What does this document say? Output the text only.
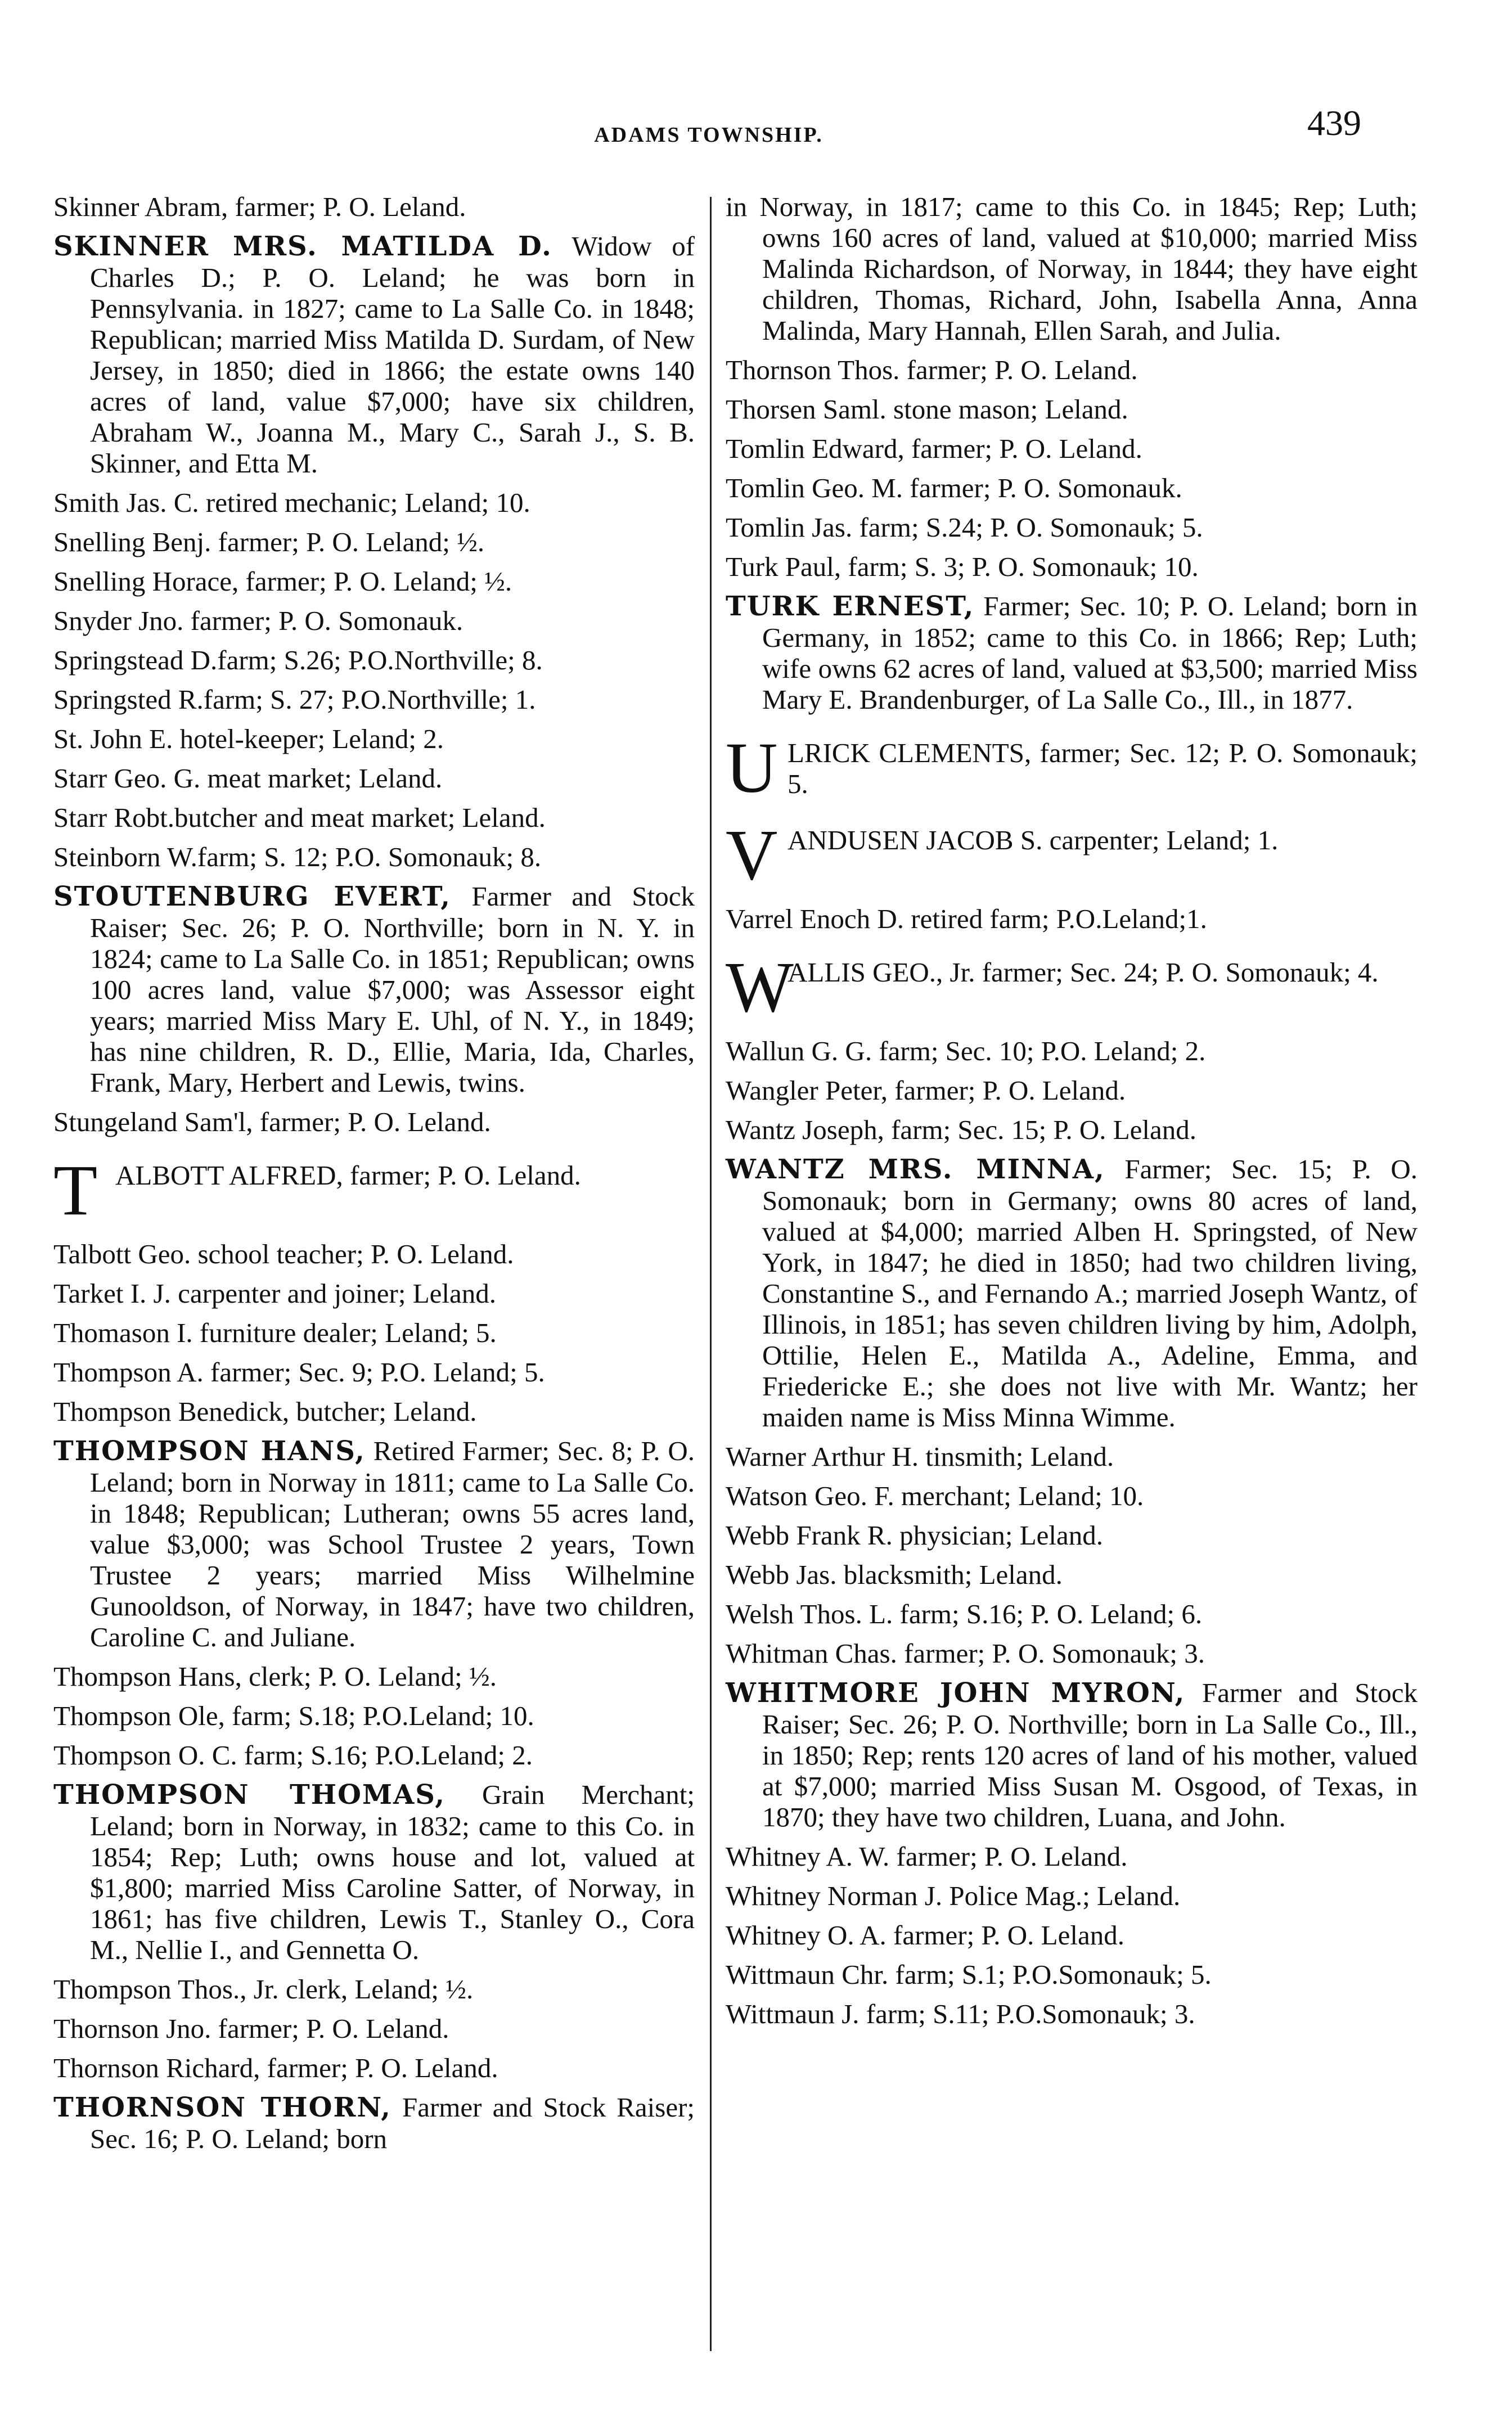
ADAMS TOWNSHIP.	439

Skinner Abram, farmer; P. O. Leland.

SKINNER MRS. MATILDA D. Widow of Charles D.; P. O. Leland; he was born in Pennsylvania. in 1827; came to La Salle Co. in 1848; Republican; married Miss Matilda D. Surdam, of New Jersey, in 1850; died in 1866; the estate owns 140 acres of land, value $7,000; have six children, Abraham W., Joanna M., Mary C., Sarah J., S. B. Skinner, and Etta M.

Smith Jas. C. retired mechanic; Leland; 10.

Snelling Benj. farmer; P. O. Leland; ½.

Snelling Horace, farmer; P. O. Leland; ½.

Snyder Jno. farmer; P. O. Somonauk.

Springstead D.farm; S.26; P.O.Northville; 8.

Springsted R.farm; S. 27; P.O.Northville; 1.

St. John E. hotel-keeper; Leland; 2.

Starr Geo. G. meat market; Leland.

Starr Robt.butcher and meat market; Leland.

Steinborn W.farm; S. 12; P.O. Somonauk; 8.

STOUTENBURG EVERT, Farmer and Stock Raiser; Sec. 26; P. O. Northville; born in N. Y. in 1824; came to La Salle Co. in 1851; Republican; owns 100 acres land, value $7,000; was Assessor eight years; married Miss Mary E. Uhl, of N. Y., in 1849; has nine children, R. D., Ellie, Maria, Ida, Charles, Frank, Mary, Herbert and Lewis, twins.

Stungeland Sam'l, farmer; P. O. Leland.

T ALBOTT ALFRED, farmer; P. O. Leland.

Talbott Geo. school teacher; P. O. Leland.

Tarket I. J. carpenter and joiner; Leland.

Thomason I. furniture dealer; Leland; 5.

Thompson A. farmer; Sec. 9; P.O. Leland; 5.

Thompson Benedick, butcher; Leland.

THOMPSON HANS, Retired Farmer; Sec. 8; P. O. Leland; born in Norway in 1811; came to La Salle Co. in 1848; Republican; Lutheran; owns 55 acres land, value $3,000; was School Trustee 2 years, Town Trustee 2 years; married Miss Wilhelmine Gunooldson, of Norway, in 1847; have two children, Caroline C. and Juliane.

Thompson Hans, clerk; P. O. Leland; ½.

Thompson Ole, farm; S.18; P.O.Leland; 10.

Thompson O. C. farm; S.16; P.O.Leland; 2.

THOMPSON THOMAS, Grain Merchant; Leland; born in Norway, in 1832; came to this Co. in 1854; Rep; Luth; owns house and lot, valued at $1,800; married Miss Caroline Satter, of Norway, in 1861; has five children, Lewis T., Stanley O., Cora M., Nellie I., and Gennetta O.

Thompson Thos., Jr. clerk, Leland; ½.

Thornson Jno. farmer; P. O. Leland.

Thornson Richard, farmer; P. O. Leland.

THORNSON THORN, Farmer and Stock Raiser; Sec. 16; P. O. Leland; born

in Norway, in 1817; came to this Co. in 1845; Rep; Luth; owns 160 acres of land, valued at $10,000; married Miss Malinda Richardson, of Norway, in 1844; they have eight children, Thomas, Richard, John, Isabella Anna, Anna Malinda, Mary Hannah, Ellen Sarah, and Julia.

Thornson Thos. farmer; P. O. Leland.

Thorsen Saml. stone mason; Leland.

Tomlin Edward, farmer; P. O. Leland.

Tomlin Geo. M. farmer; P. O. Somonauk.

Tomlin Jas. farm; S.24; P. O. Somonauk; 5.

Turk Paul, farm; S. 3; P. O. Somonauk; 10.

TURK ERNEST, Farmer; Sec. 10; P. O. Leland; born in Germany, in 1852; came to this Co. in 1866; Rep; Luth; wife owns 62 acres of land, valued at $3,500; married Miss Mary E. Brandenburger, of La Salle Co., Ill., in 1877.

U LRICK CLEMENTS, farmer; Sec. 12; P. O. Somonauk; 5.

V ANDUSEN JACOB S. carpenter; Leland; 1.

Varrel Enoch D. retired farm; P.O.Leland;1.

W
ALLIS GEO., Jr. farmer; Sec. 24; P. O. Somonauk; 4.

Wallun G. G. farm; Sec. 10; P.O. Leland; 2.

Wangler Peter, farmer; P. O. Leland.

Wantz Joseph, farm; Sec. 15; P. O. Leland.

WANTZ MRS. MINNA, Farmer; Sec. 15; P. O. Somonauk; born in Germany; owns 80 acres of land, valued at $4,000; married Alben H. Springsted, of New York, in 1847; he died in 1850; had two children living, Constantine S., and Fernando A.; married Joseph Wantz, of Illinois, in 1851; has seven children living by him, Adolph, Ottilie, Helen E., Matilda A., Adeline, Emma, and Friedericke E.; she does not live with Mr. Wantz; her maiden name is Miss Minna Wimme.

Warner Arthur H. tinsmith; Leland.

Watson Geo. F. merchant; Leland; 10.

Webb Frank R. physician; Leland.

Webb Jas. blacksmith; Leland.

Welsh Thos. L. farm; S.16; P. O. Leland; 6.

Whitman Chas. farmer; P. O. Somonauk; 3.

WHITMORE JOHN MYRON, Farmer and Stock Raiser; Sec. 26; P. O. Northville; born in La Salle Co., Ill., in 1850; Rep; rents 120 acres of land of his mother, valued at $7,000; married Miss Susan M. Osgood, of Texas, in 1870; they have two children, Luana, and John.

Whitney A. W. farmer; P. O. Leland.

Whitney Norman J. Police Mag.; Leland.

Whitney O. A. farmer; P. O. Leland.

Wittmaun Chr. farm; S.1; P.O.Somonauk; 5.

Wittmaun J. farm; S.11; P.O.Somonauk; 3.
